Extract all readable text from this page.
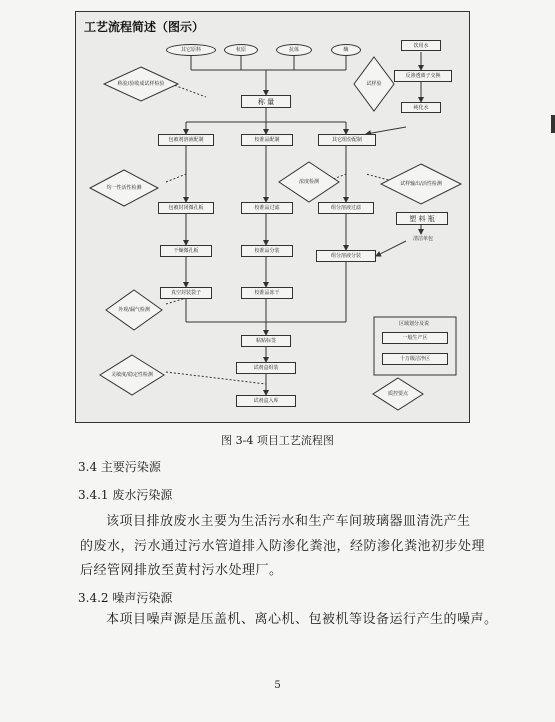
工艺流程简述（图示）
其它原料	杭原	抗体	酶
称 量
包被剂溶液配制	校准品配制	其它组份配制
包被封闭微孔板	校准品过滤	组分溶液过滤
干燥微孔板	校准品分装
组分溶液分装
真空封装袋子	校准品冻干
粘贴标签
试剂盒组装
试剂盒入库
饮用水
反渗透离子交换
纯化水
塑 料 瓶
清洁单包
称验/验收成试样检验
均一性活性检测
外观/漏气检测
灵敏度/稳定性检测
浓度检测
试样验
试样输出/活性检测
质控要点
区域划分及说
一般生产区
十万级洁净区
图 3-4 项目工艺流程图
3.4 主要污染源
3.4.1 废水污染源
该项目排放废水主要为生活污水和生产车间玻璃器皿清洗产生
的废水，污水通过污水管道排入防渗化粪池，经防渗化粪池初步处理
后经管网排放至黄村污水处理厂。
3.4.2 噪声污染源
本项目噪声源是压盖机、离心机、包被机等设备运行产生的噪声。
5
